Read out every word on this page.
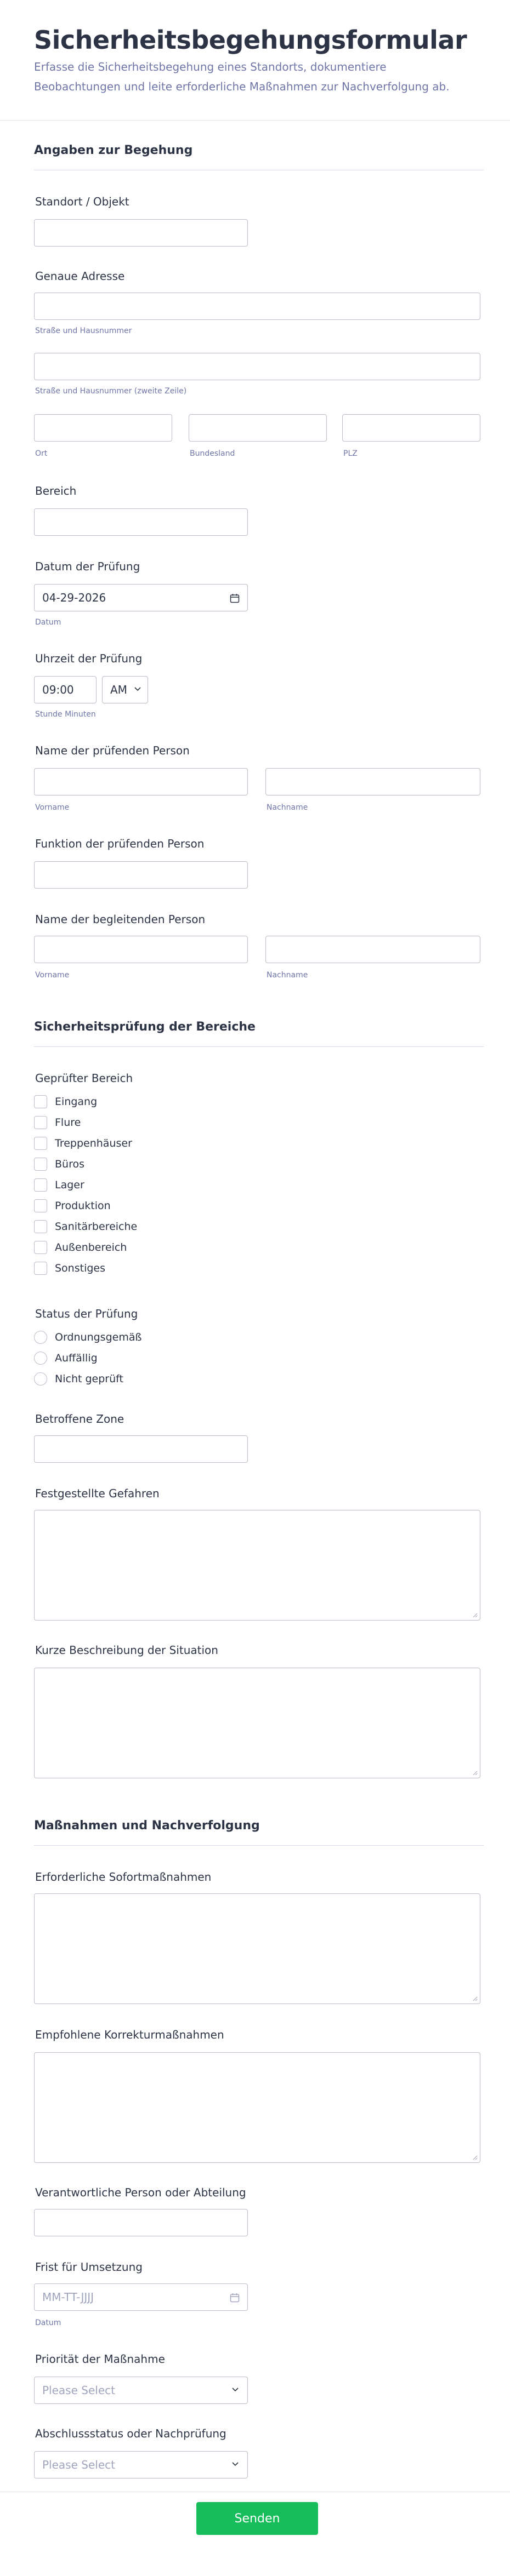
Sicherheitsbegehungsformular

Erfasse die Sicherheitsbegehung eines Standorts, dokumentiere Beobachtungen und leite erforderliche Maßnahmen zur Nachverfolgung ab.

Angaben zur Begehung
Standort / Objekt
Genaue Adresse
Straße und Hausnummer
Straße und Hausnummer (zweite Zeile)
Ort	Bundesland	PLZ
Bereich
Datum der Prüfung
04-29-2026
Datum
Uhrzeit der Prüfung
09:00	AM
Stunde Minuten
Name der prüfenden Person
Vorname	Nachname
Funktion der prüfenden Person
Name der begleitenden Person
Vorname	Nachname
Sicherheitsprüfung der Bereiche
Geprüfter Bereich
Eingang
Flure
Treppenhäuser
Büros
Lager
Produktion
Sanitärbereiche
Außenbereich
Sonstiges
Status der Prüfung
Ordnungsgemäß
Auffällig
Nicht geprüft
Betroffene Zone
Festgestellte Gefahren
Kurze Beschreibung der Situation
Maßnahmen und Nachverfolgung
Erforderliche Sofortmaßnahmen
Empfohlene Korrekturmaßnahmen
Verantwortliche Person oder Abteilung
Frist für Umsetzung
MM-TT-JJJJ
Datum
Priorität der Maßnahme
Please Select
Abschlussstatus oder Nachprüfung
Please Select
Senden
